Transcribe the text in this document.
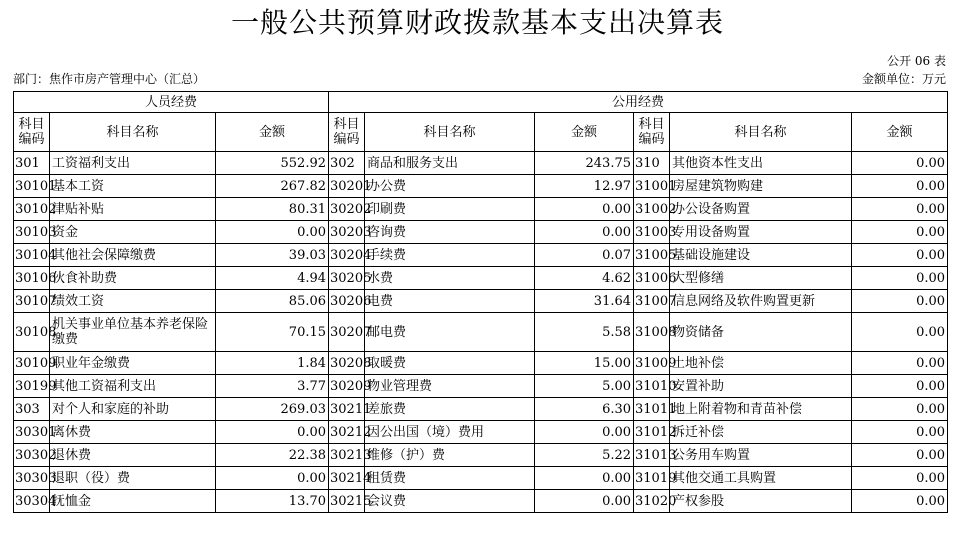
一般公共预算财政拨款基本支出决算表
公开 06 表
部门：焦作市房产管理中心（汇总）	金额单位：万元
人员经费			公用经费					
科目编码	科目名称	金额	科目编码	科目名称	金额	科目编码	科目名称	金额
301	工资福利支出	552.92	302	商品和服务支出	243.75	310	其他资本性支出	0.00
30101	基本工资	267.82	30201	办公费	12.97	31001	房屋建筑物购建	0.00
30102	津贴补贴	80.31	30202	印刷费	0.00	31002	办公设备购置	0.00
30103	资金	0.00	30203	咨询费	0.00	31003	专用设备购置	0.00
30104	其他社会保障缴费	39.03	30204	手续费	0.07	31005	基础设施建设	0.00
30106	伙食补助费	4.94	30205	水费	4.62	31006	大型修缮	0.00
30107	绩效工资	85.06	30206	电费	31.64	31007	信息网络及软件购置更新	0.00
30108	机关事业单位基本养老保险缴费	70.15	30207	邮电费	5.58	31008	物资储备	0.00
30109	职业年金缴费	1.84	30208	取暖费	15.00	31009	土地补偿	0.00
30199	其他工资福利支出	3.77	30209	物业管理费	5.00	31010	安置补助	0.00
303	对个人和家庭的补助	269.03	30211	差旅费	6.30	31011	地上附着物和青苗补偿	0.00
30301	离休费	0.00	30212	因公出国（境）费用	0.00	31012	拆迁补偿	0.00
30302	退休费	22.38	30213	维修（护）费	5.22	31013	公务用车购置	0.00
30303	退职（役）费	0.00	30214	租赁费	0.00	31019	其他交通工具购置	0.00
30304	抚恤金	13.70	30215	会议费	0.00	31020	产权参股	0.00
